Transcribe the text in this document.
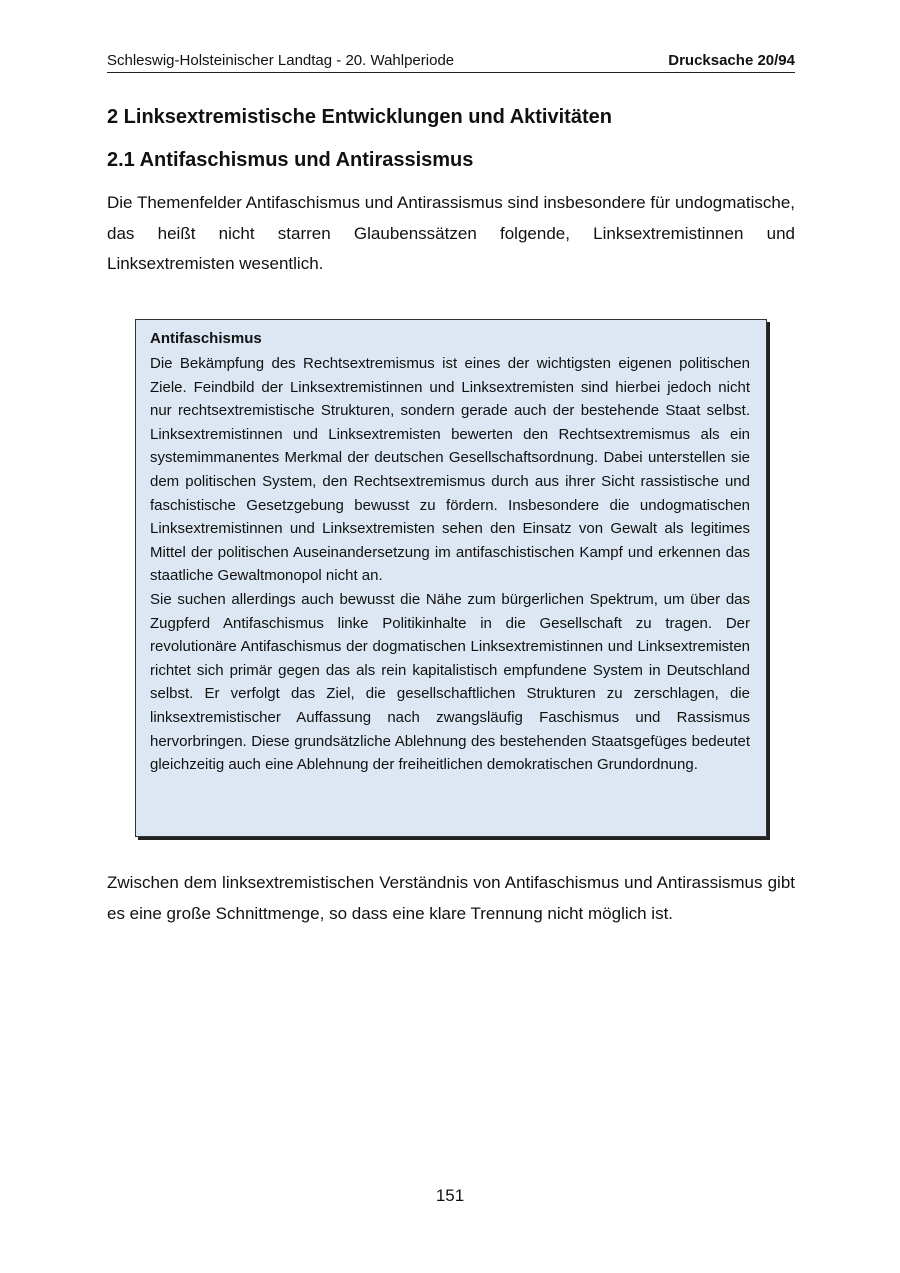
Schleswig-Holsteinischer Landtag - 20. Wahlperiode	Drucksache 20/94
2 Linksextremistische Entwicklungen und Aktivitäten
2.1 Antifaschismus und Antirassismus

Die Themenfelder Antifaschismus und Antirassismus sind insbesondere für undogmatische, das heißt nicht starren Glaubenssätzen folgende, Linksextremistinnen und Linksextremisten wesentlich.

Antifaschismus

Die Bekämpfung des Rechtsextremismus ist eines der wichtigsten eigenen politischen Ziele. Feindbild der Linksextremistinnen und Linksextremisten sind hierbei jedoch nicht nur rechtsextremistische Strukturen, sondern gerade auch der bestehende Staat selbst. Linksextremistinnen und Linksextremisten bewerten den Rechtsextremismus als ein systemimmanentes Merkmal der deutschen Gesellschaftsordnung. Dabei unterstellen sie dem politischen System, den Rechtsextremismus durch aus ihrer Sicht rassistische und faschistische Gesetzgebung bewusst zu fördern. Insbesondere die undogmatischen Linksextremistinnen und Linksextremisten sehen den Einsatz von Gewalt als legitimes Mittel der politischen Auseinandersetzung im antifaschistischen Kampf und erkennen das staatliche Gewaltmonopol nicht an.

Sie suchen allerdings auch bewusst die Nähe zum bürgerlichen Spektrum, um über das Zugpferd Antifaschismus linke Politikinhalte in die Gesellschaft zu tragen. Der revolutionäre Antifaschismus der dogmatischen Linksextremistinnen und Linksextremisten richtet sich primär gegen das als rein kapitalistisch empfundene System in Deutschland selbst. Er verfolgt das Ziel, die gesellschaftlichen Strukturen zu zerschlagen, die linksextremistischer Auffassung nach zwangsläufig Faschismus und Rassismus hervorbringen. Diese grundsätzliche Ablehnung des bestehenden Staatsgefüges bedeutet gleichzeitig auch eine Ablehnung der freiheitlichen demokratischen Grundordnung.

Zwischen dem linksextremistischen Verständnis von Antifaschismus und Antirassismus gibt es eine große Schnittmenge, so dass eine klare Trennung nicht möglich ist.

151
